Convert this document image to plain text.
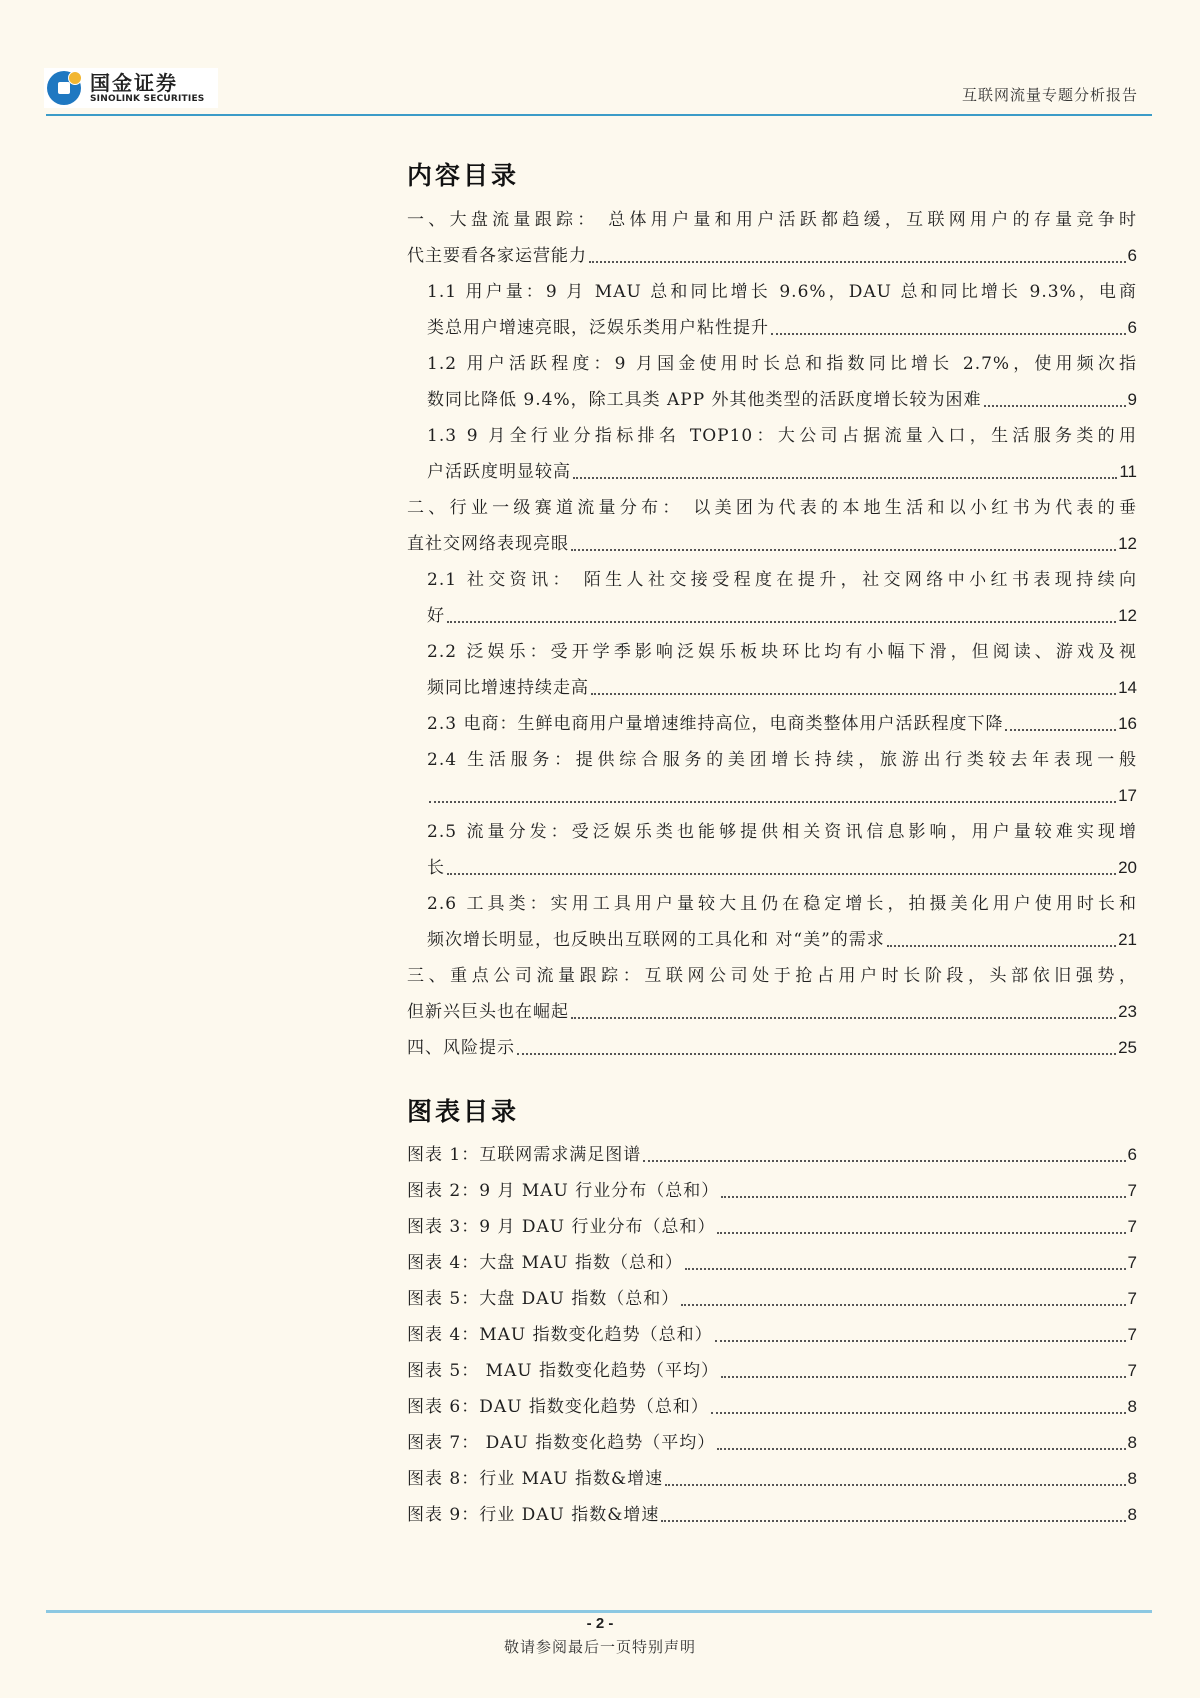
国金证券
SINOLINK SECURITIES	互联网流量专题分析报告
内容目录
一、大盘流量跟踪： 总体用户量和用户活跃都趋缓，互联网用户的存量竞争时
代主要看各家运营能力	6
1.1 用户量：9 月 MAU 总和同比增长 9.6%，DAU 总和同比增长 9.3%，电商
类总用户增速亮眼，泛娱乐类用户粘性提升	6
1.2 用户活跃程度：9 月国金使用时长总和指数同比增长 2.7%，使用频次指
数同比降低 9.4%，除工具类 APP 外其他类型的活跃度增长较为困难	9
1.3 9 月全行业分指标排名 TOP10：大公司占据流量入口，生活服务类的用
户活跃度明显较高	11
二、行业一级赛道流量分布： 以美团为代表的本地生活和以小红书为代表的垂
直社交网络表现亮眼	12
2.1 社交资讯： 陌生人社交接受程度在提升，社交网络中小红书表现持续向
好	12
2.2 泛娱乐：受开学季影响泛娱乐板块环比均有小幅下滑，但阅读、游戏及视
频同比增速持续走高	14
2.3 电商：生鲜电商用户量增速维持高位，电商类整体用户活跃程度下降	16
2.4 生活服务：提供综合服务的美团增长持续，旅游出行类较去年表现一般
17
2.5 流量分发：受泛娱乐类也能够提供相关资讯信息影响，用户量较难实现增
长	20
2.6 工具类：实用工具用户量较大且仍在稳定增长，拍摄美化用户使用时长和
频次增长明显，也反映出互联网的工具化和 对“美”的需求	21
三、重点公司流量跟踪：互联网公司处于抢占用户时长阶段，头部依旧强势，
但新兴巨头也在崛起	23
四、风险提示	25
图表目录
图表 1：互联网需求满足图谱	6
图表 2：9 月 MAU 行业分布（总和）	7
图表 3：9 月 DAU 行业分布（总和）	7
图表 4：大盘 MAU 指数（总和）	7
图表 5：大盘 DAU 指数（总和）	7
图表 4：MAU 指数变化趋势（总和）	7
图表 5： MAU 指数变化趋势（平均）	7
图表 6：DAU 指数变化趋势（总和）	8
图表 7： DAU 指数变化趋势（平均）	8
图表 8：行业 MAU 指数&增速	8
图表 9：行业 DAU 指数&增速	8
- 2 -
敬请参阅最后一页特别声明
